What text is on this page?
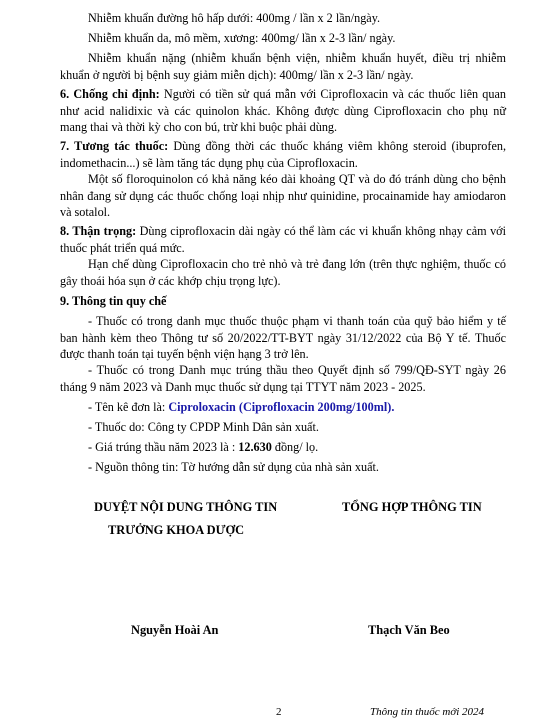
Nhiễm khuẩn đường hô hấp dưới: 400mg / lần x 2 lần/ngày.
Nhiễm khuẩn da, mô mềm, xương: 400mg/ lần x 2-3 lần/ ngày.
Nhiễm khuẩn nặng (nhiễm khuẩn bệnh viện, nhiễm khuẩn huyết, điều trị nhiễm khuẩn ở người bị bệnh suy giảm miễn dịch): 400mg/ lần x 2-3 lần/ ngày.
6. Chống chỉ định: Người có tiền sử quá mẫn với Ciprofloxacin và các thuốc liên quan như acid nalidixic và các quinolon khác. Không được dùng Ciprofloxacin cho phụ nữ mang thai và thời kỳ cho con bú, trừ khi buộc phải dùng.
7. Tương tác thuốc: Dùng đồng thời các thuốc kháng viêm không steroid (ibuprofen, indomethacin...) sẽ làm tăng tác dụng phụ của Ciprofloxacin.
Một số floroquinolon có khả năng kéo dài khoảng QT và do đó tránh dùng cho bệnh nhân đang sử dụng các thuốc chống loại nhịp như quinidine, procainamide hay amiodaron và sotalol.
8. Thận trọng: Dùng ciprofloxacin dài ngày có thể làm các vi khuẩn không nhạy cảm với thuốc phát triển quá mức.
Hạn chế dùng Ciprofloxacin cho trẻ nhỏ và trẻ đang lớn (trên thực nghiệm, thuốc có gây thoái hóa sụn ở các khớp chịu trọng lực).
9. Thông tin quy chế
- Thuốc có trong danh mục thuốc thuộc phạm vi thanh toán của quỹ bảo hiểm y tế ban hành kèm theo Thông tư số 20/2022/TT-BYT ngày 31/12/2022 của Bộ Y tế. Thuốc được thanh toán tại tuyến bệnh viện hạng 3 trở lên.
- Thuốc có trong Danh mục trúng thầu theo Quyết định số 799/QĐ-SYT ngày 26 tháng 9 năm 2023 và Danh mục thuốc sử dụng tại TTYT năm 2023 - 2025.
- Tên kê đơn là: Ciproloxacin (Ciprofloxacin 200mg/100ml).
- Thuốc do: Công ty CPDP Minh Dân sản xuất.
- Giá trúng thầu năm 2023 là : 12.630 đồng/ lọ.
- Nguồn thông tin: Tờ hướng dẫn sử dụng của nhà sản xuất.
DUYỆT NỘI DUNG THÔNG TIN	TỔNG HỢP THÔNG TIN
TRƯỞNG KHOA DƯỢC
Nguyễn Hoài An	Thạch Văn Beo
2	Thông tin thuốc mới 2024
